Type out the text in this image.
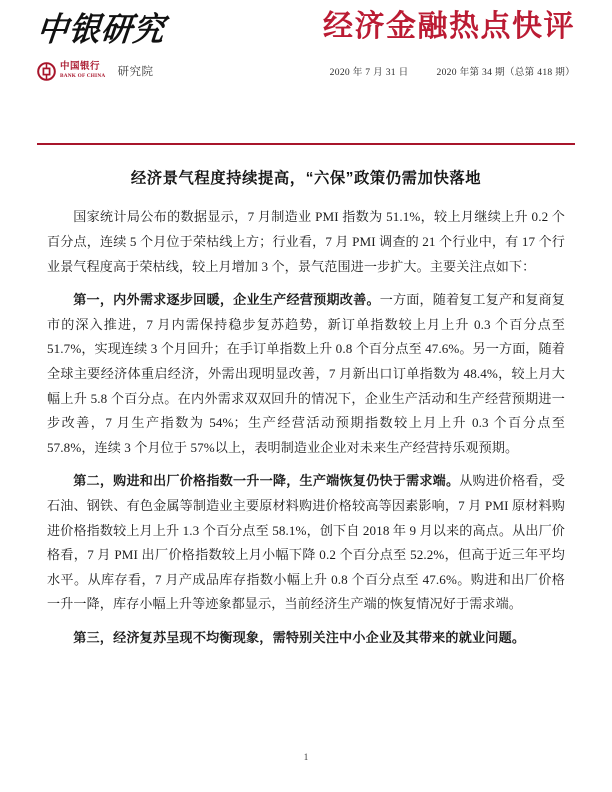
中银研究
中国银行
BANK OF CHINA 研究院
经济金融热点快评
2020 年 7 月 31 日	2020 年第 34 期（总第 418 期）
经济景气程度持续提高，“六保”政策仍需加快落地

国家统计局公布的数据显示，7 月制造业 PMI 指数为 51.1%，较上月继续上升 0.2 个百分点，连续 5 个月位于荣枯线上方；行业看，7 月 PMI 调查的 21 个行业中，有 17 个行业景气程度高于荣枯线，较上月增加 3 个，景气范围进一步扩大。主要关注点如下：

第一，内外需求逐步回暖，企业生产经营预期改善。一方面，随着复工复产和复商复市的深入推进，7 月内需保持稳步复苏趋势，新订单指数较上月上升 0.3 个百分点至 51.7%，实现连续 3 个月回升；在手订单指数上升 0.8 个百分点至 47.6%。另一方面，随着全球主要经济体重启经济，外需出现明显改善，7 月新出口订单指数为 48.4%，较上月大幅上升 5.8 个百分点。在内外需求双双回升的情况下，企业生产活动和生产经营预期进一步改善，7 月生产指数为 54%；生产经营活动预期指数较上月上升 0.3 个百分点至 57.8%，连续 3 个月位于 57%以上，表明制造业企业对未来生产经营持乐观预期。

第二，购进和出厂价格指数一升一降，生产端恢复仍快于需求端。从购进价格看，受石油、钢铁、有色金属等制造业主要原材料购进价格较高等因素影响，7 月 PMI 原材料购进价格指数较上月上升 1.3 个百分点至 58.1%，创下自 2018 年 9 月以来的高点。从出厂价格看，7 月 PMI 出厂价格指数较上月小幅下降 0.2 个百分点至 52.2%，但高于近三年平均水平。从库存看，7 月产成品库存指数小幅上升 0.8 个百分点至 47.6%。购进和出厂价格一升一降，库存小幅上升等迹象都显示，当前经济生产端的恢复情况好于需求端。

第三，经济复苏呈现不均衡现象，需特别关注中小企业及其带来的就业问题。

1
